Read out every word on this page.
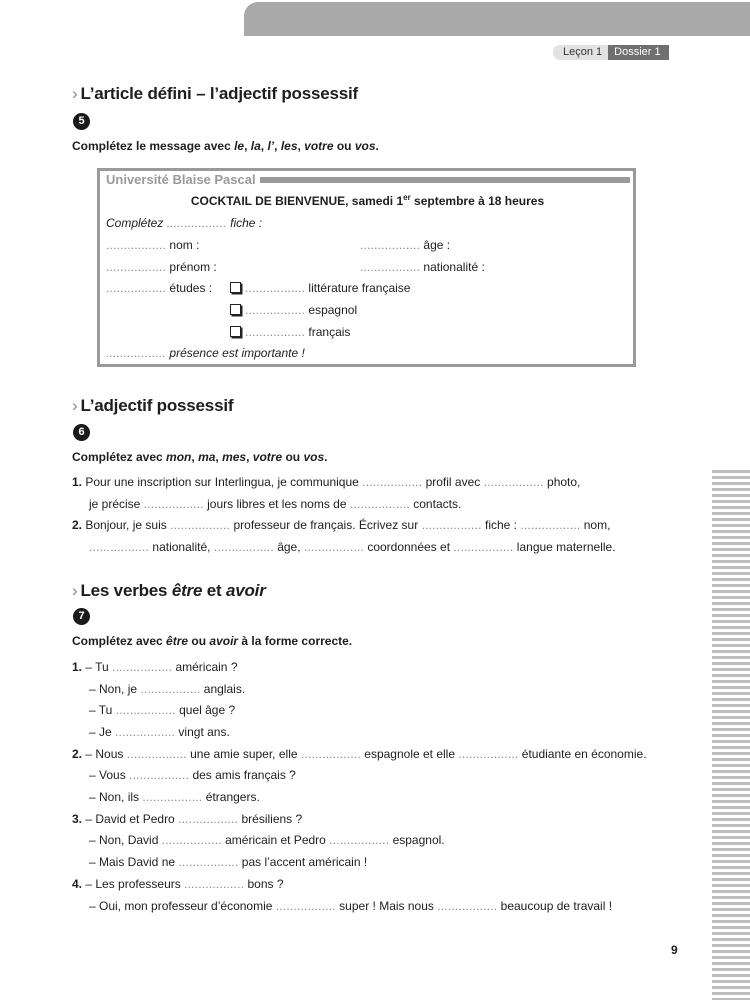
Leçon 1	Dossier 1
› L’article défini – l’adjectif possessif
5
Complétez le message avec le, la, l’, les, votre ou vos.
Université Blaise Pascal
COCKTAIL DE BIENVENUE, samedi 1er septembre à 18 heures
Complétez ................. fiche :
................. nom :	................. âge :
................. prénom :	................. nationalité :
................. études :	................. littérature française
................. espagnol
................. français
................. présence est importante !
› L’adjectif possessif
6
Complétez avec mon, ma, mes, votre ou vos.
1. Pour une inscription sur Interlingua, je communique ................. profil avec ................. photo,
je précise ................. jours libres et les noms de ................. contacts.
2. Bonjour, je suis ................. professeur de français. Écrivez sur ................. fiche : ................. nom,
................. nationalité, ................. âge, ................. coordonnées et ................. langue maternelle.
› Les verbes être et avoir
7
Complétez avec être ou avoir à la forme correcte.
1. – Tu ................. américain ?
– Non, je ................. anglais.
– Tu ................. quel âge ?
– Je ................. vingt ans.
2. – Nous ................. une amie super, elle ................. espagnole et elle ................. étudiante en économie.
– Vous ................. des amis français ?
– Non, ils ................. étrangers.
3. – David et Pedro ................. brésiliens ?
– Non, David ................. américain et Pedro ................. espagnol.
– Mais David ne ................. pas l’accent américain !
4. – Les professeurs ................. bons ?
– Oui, mon professeur d’économie ................. super ! Mais nous ................. beaucoup de travail !
9
